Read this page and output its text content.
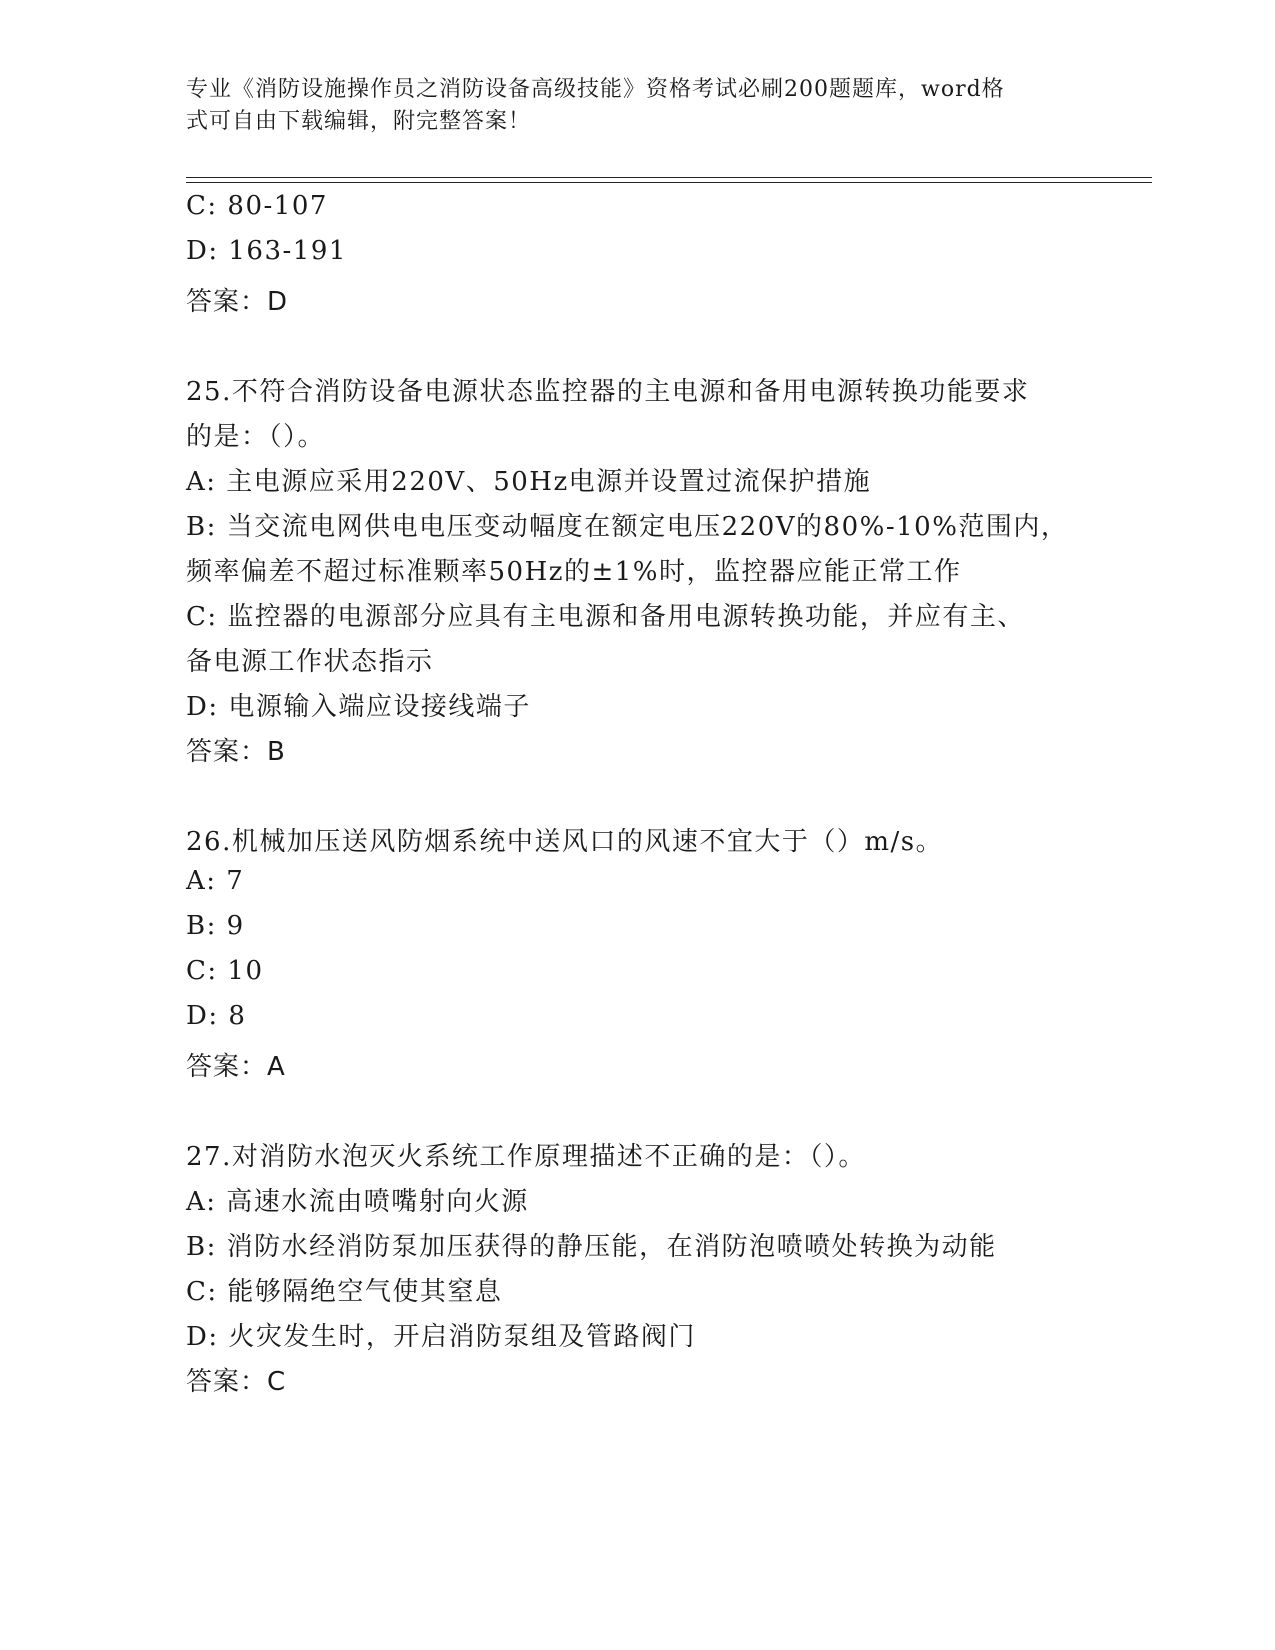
专业《消防设施操作员之消防设备高级技能》资格考试必刷200题题库，word格
式可自由下载编辑，附完整答案！
C: 80-107
D: 163-191
答案：D
25.不符合消防设备电源状态监控器的主电源和备用电源转换功能要求
的是：（）。
A: 主电源应采用220V、50Hz电源并设置过流保护措施
B: 当交流电网供电电压变动幅度在额定电压220V的80%-10%范围内，
频率偏差不超过标准颗率50Hz的±1%时，监控器应能正常工作
C: 监控器的电源部分应具有主电源和备用电源转换功能，并应有主、
备电源工作状态指示
D: 电源输入端应设接线端子
答案：B
26.机械加压送风防烟系统中送风口的风速不宜大于（）m/s。
A: 7
B: 9
C: 10
D: 8
答案：A
27.对消防水泡灭火系统工作原理描述不正确的是：（）。
A: 高速水流由喷嘴射向火源
B: 消防水经消防泵加压获得的静压能，在消防泡喷喷处转换为动能
C: 能够隔绝空气使其窒息
D: 火灾发生时，开启消防泵组及管路阀门
答案：C
